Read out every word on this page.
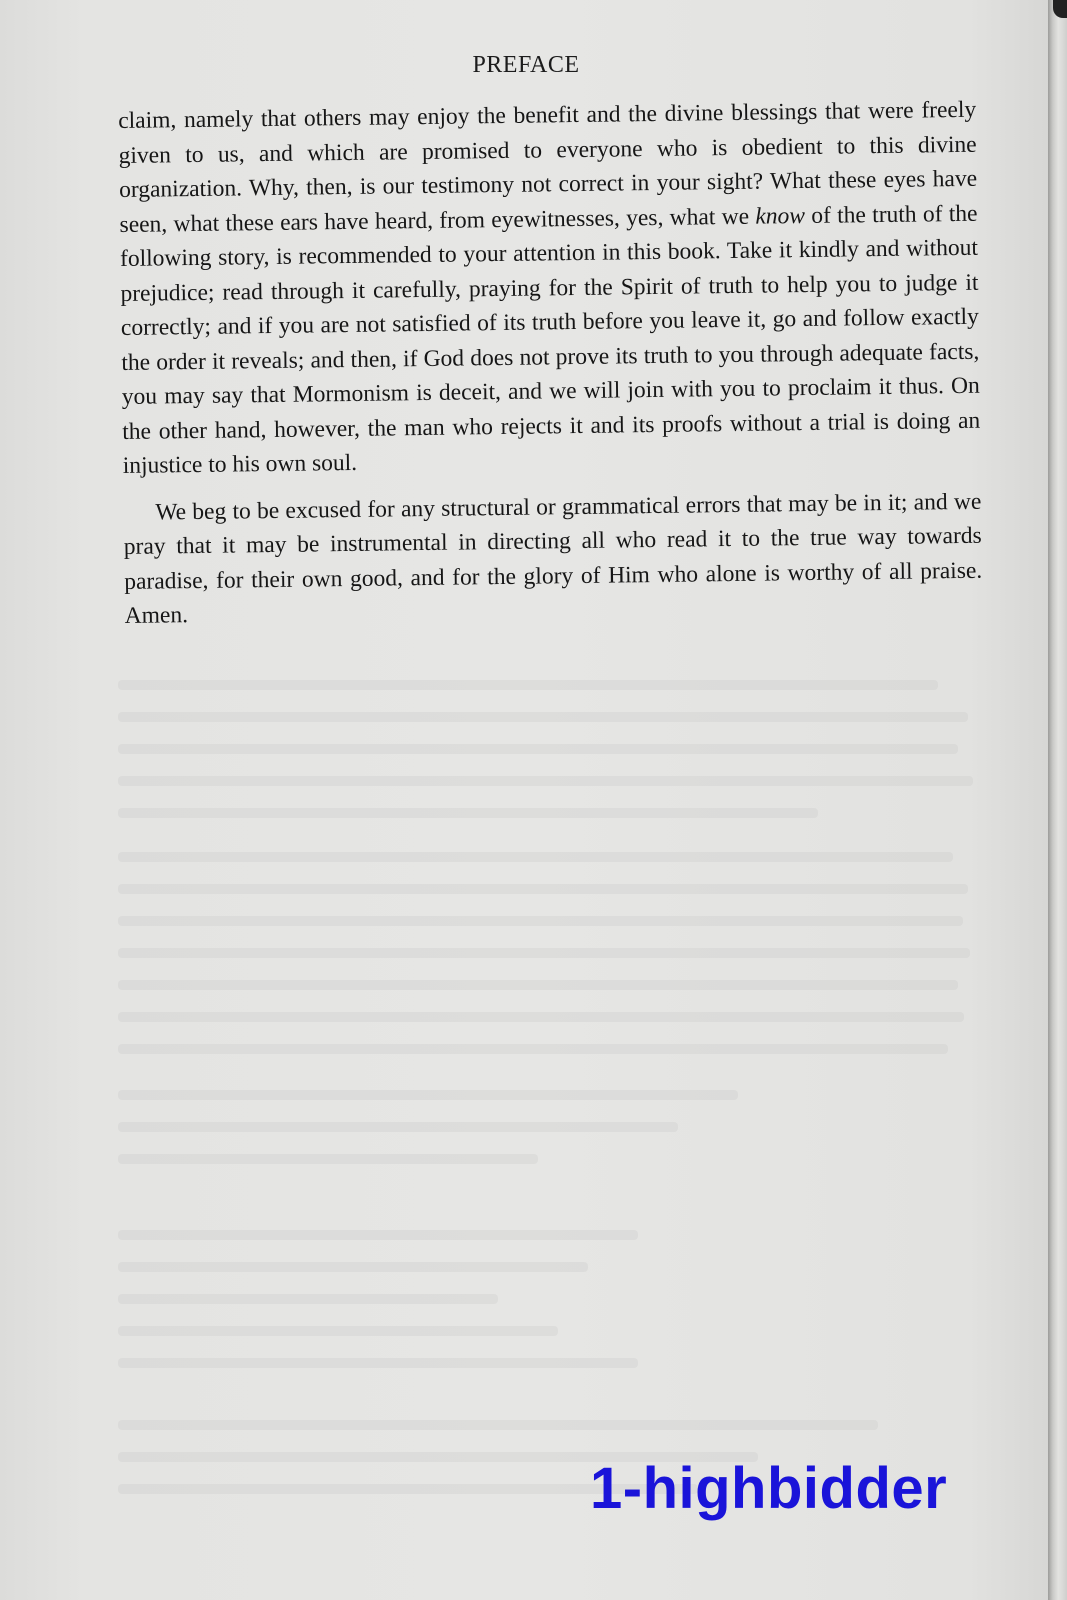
PREFACE

claim, namely that others may enjoy the benefit and the divine blessings that were freely given to us, and which are promised to everyone who is obedient to this divine organization. Why, then, is our testimony not correct in your sight? What these eyes have seen, what these ears have heard, from eyewitnesses, yes, what we know of the truth of the following story, is recommended to your attention in this book. Take it kindly and without prejudice; read through it carefully, praying for the Spirit of truth to help you to judge it correctly; and if you are not satisfied of its truth before you leave it, go and follow exactly the order it reveals; and then, if God does not prove its truth to you through adequate facts, you may say that Mormonism is deceit, and we will join with you to proclaim it thus. On the other hand, however, the man who rejects it and its proofs without a trial is doing an injustice to his own soul.

We beg to be excused for any structural or grammatical errors that may be in it; and we pray that it may be instrumental in directing all who read it to the true way towards paradise, for their own good, and for the glory of Him who alone is worthy of all praise. Amen.

1-highbidder
